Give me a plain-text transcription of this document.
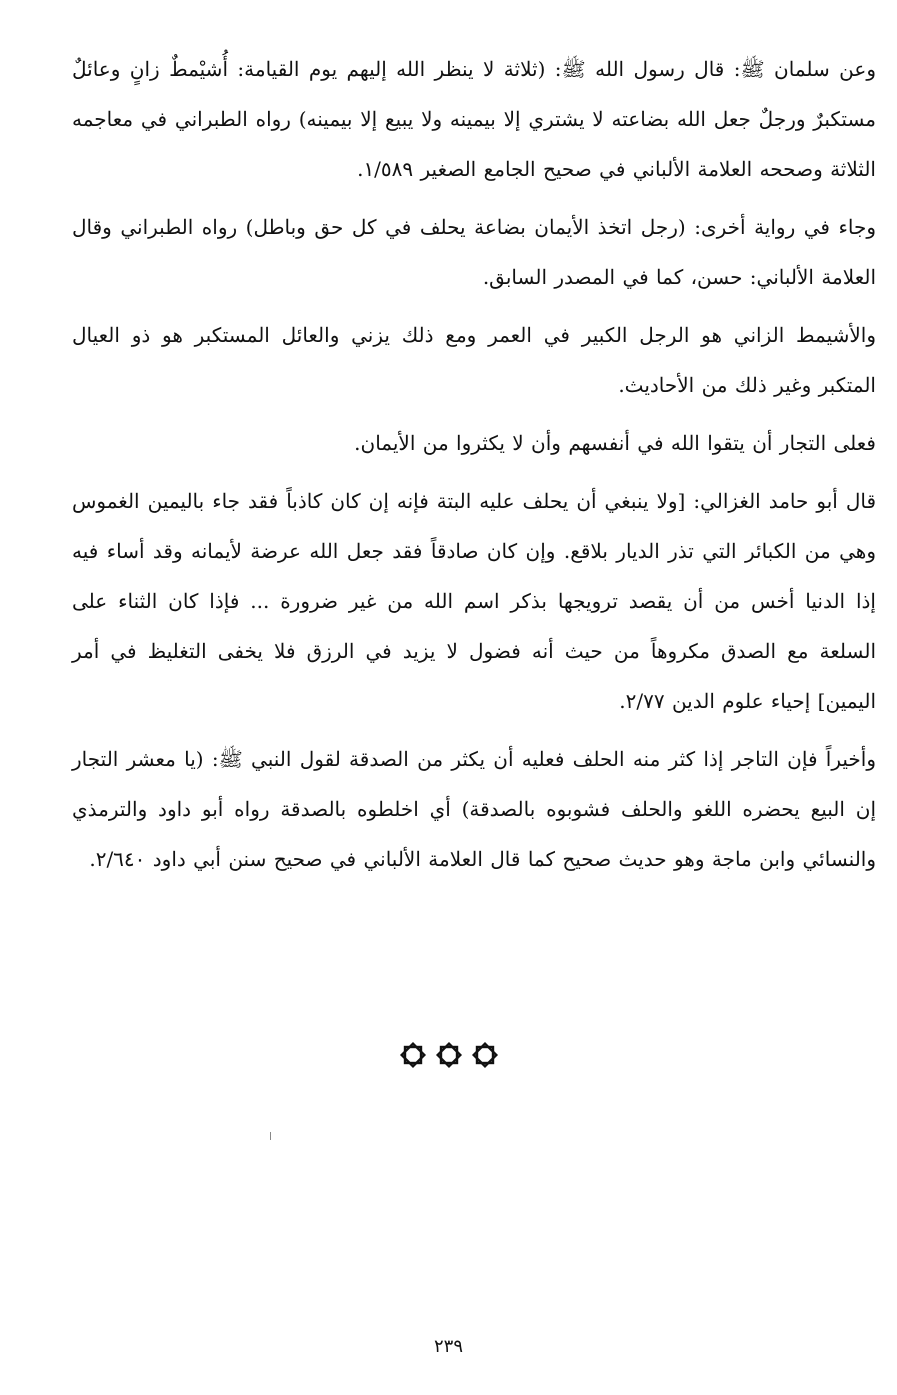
وعن سلمان ﷺ: قال رسول الله ﷺ: (ثلاثة لا ينظر الله إليهم يوم القيامة: أُشيْمطٌ زانٍ وعائلٌ مستكبرٌ ورجلٌ جعل الله بضاعته لا يشتري إلا بيمينه ولا يبيع إلا بيمينه) رواه الطبراني في معاجمه الثلاثة وصححه العلامة الألباني في صحيح الجامع الصغير ١/٥٨٩.

وجاء في رواية أخرى: (رجل اتخذ الأيمان بضاعة يحلف في كل حق وباطل) رواه الطبراني وقال العلامة الألباني: حسن، كما في المصدر السابق.

والأشيمط الزاني هو الرجل الكبير في العمر ومع ذلك يزني والعائل المستكبر هو ذو العيال المتكبر وغير ذلك من الأحاديث.

فعلى التجار أن يتقوا الله في أنفسهم وأن لا يكثروا من الأيمان.

قال أبو حامد الغزالي: [ولا ينبغي أن يحلف عليه البتة فإنه إن كان كاذباً فقد جاء باليمين الغموس وهي من الكبائر التي تذر الديار بلاقع. وإن كان صادقاً فقد جعل الله عرضة لأيمانه وقد أساء فيه إذا الدنيا أخس من أن يقصد ترويجها بذكر اسم الله من غير ضرورة ... فإذا كان الثناء على السلعة مع الصدق مكروهاً من حيث أنه فضول لا يزيد في الرزق فلا يخفى التغليظ في أمر اليمين] إحياء علوم الدين ٢/٧٧.

وأخيراً فإن التاجر إذا كثر منه الحلف فعليه أن يكثر من الصدقة لقول النبي ﷺ: (يا معشر التجار إن البيع يحضره اللغو والحلف فشوبوه بالصدقة) أي اخلطوه بالصدقة رواه أبو داود والترمذي والنسائي وابن ماجة وهو حديث صحيح كما قال العلامة الألباني في صحيح سنن أبي داود ٢/٦٤٠.

٢٣٩
